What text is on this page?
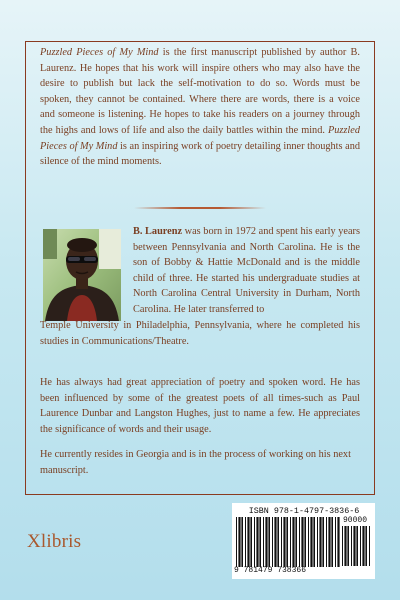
Puzzled Pieces of My Mind is the first manuscript published by author B. Laurenz. He hopes that his work will inspire others who may also have the desire to publish but lack the self-motivation to do so. Words must be spoken, they cannot be contained. Where there are words, there is a voice and someone is listening. He hopes to take his readers on a journey through the highs and lows of life and also the daily battles within the mind. Puzzled Pieces of My Mind is an inspiring work of poetry detailing inner thoughts and silence of the mind moments.

B. Laurenz was born in 1972 and spent his early years between Pennsylvania and North Carolina. He is the son of Bobby & Hattie McDonald and is the middle child of three. He started his undergraduate studies at North Carolina Central University in Durham, North Carolina. He later transferred to

Temple University in Philadelphia, Pennsylvania, where he completed his studies in Communications/Theatre.

He has always had great appreciation of poetry and spoken word. He has been influenced by some of the greatest poets of all times-such as Paul Laurence Dunbar and Langston Hughes, just to name a few. He appreciates the significance of words and their usage.

He currently resides in Georgia and is in the process of working on his next manuscript.

Xlibris
ISBN 978-1-4797-3836-6
90000
9 781479 738366
